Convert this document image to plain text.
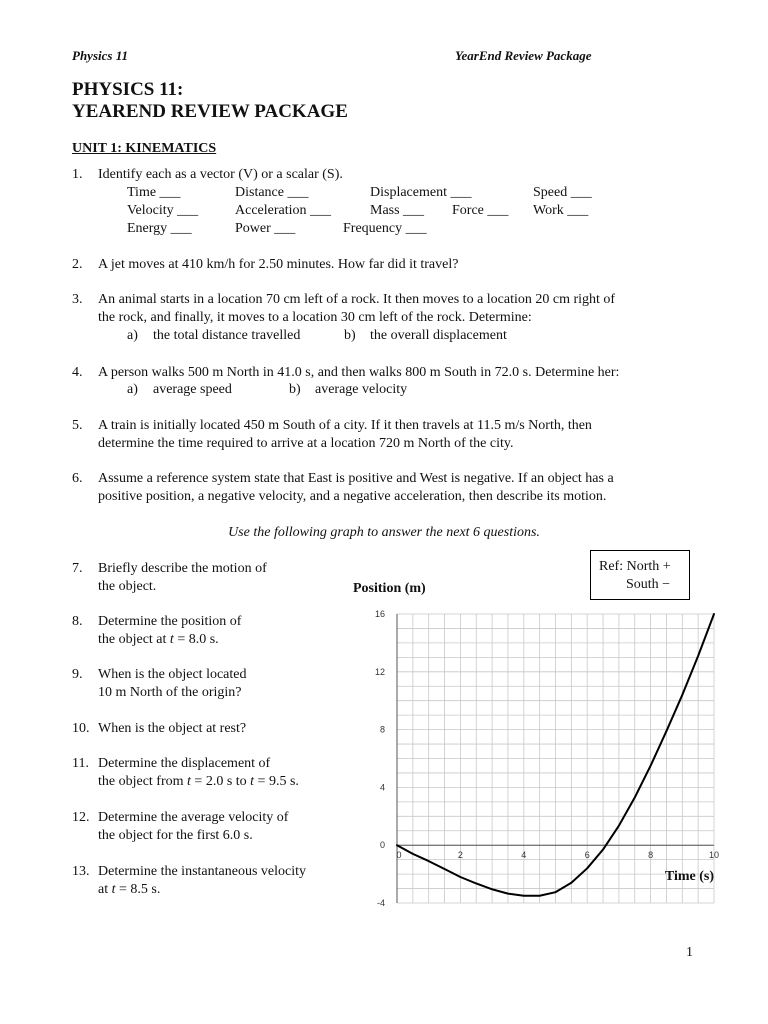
Physics 11	YearEnd Review Package
PHYSICS 11:
YEAREND REVIEW PACKAGE
UNIT 1: KINEMATICS
1. Identify each as a vector (V) or a scalar (S).
Time ___	Distance ___	Displacement ___	Speed ___
Velocity ___	Acceleration ___	Mass ___ Force ___ Work ___
Energy ___	Power ___	Frequency ___
2. A jet moves at 410 km/h for 2.50 minutes. How far did it travel?
3. An animal starts in a location 70 cm left of a rock. It then moves to a location 20 cm right of
the rock, and finally, it moves to a location 30 cm left of the rock. Determine:
a) the total distance travelled	b) the overall displacement
4. A person walks 500 m North in 41.0 s, and then walks 800 m South in 72.0 s. Determine her:
a) average speed	b) average velocity
5. A train is initially located 450 m South of a city. If it then travels at 11.5 m/s North, then
determine the time required to arrive at a location 720 m North of the city.
6. Assume a reference system state that East is positive and West is negative. If an object has a
positive position, a negative velocity, and a negative acceleration, then describe its motion.
Use the following graph to answer the next 6 questions.
7. Briefly describe the motion of
the object.
8. Determine the position of
the object at t = 8.0 s.
9. When is the object located
10 m North of the origin?
10. When is the object at rest?
11. Determine the displacement of
the object from t = 2.0 s to t = 9.5 s.
12. Determine the average velocity of
the object for the first 6.0 s.
13. Determine the instantaneous velocity
at t = 8.5 s.
Ref: North +
South −
-4
0
4
8
12
16
0	2	4	6	8	10
Position (m)
Time (s)
1
